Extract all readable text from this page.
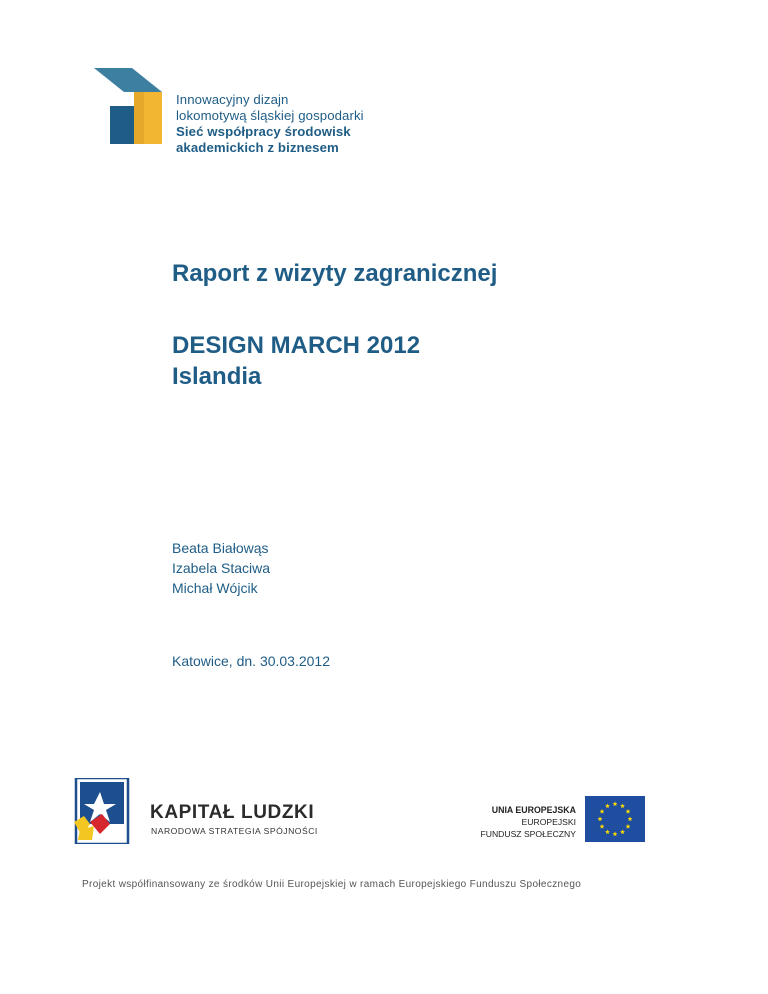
Innowacyjny dizajn
lokomotywą śląskiej gospodarki
Sieć współpracy środowisk
akademickich z biznesem
Raport z wizyty zagranicznej
DESIGN MARCH 2012
Islandia
Beata Białowąs
Izabela Staciwa
Michał Wójcik
Katowice, dn. 30.03.2012
KAPITAŁ LUDZKI
NARODOWA STRATEGIA SPÓJNOŚCI
UNIA EUROPEJSKA
EUROPEJSKI
FUNDUSZ SPOŁECZNY
Projekt współfinansowany ze środków Unii Europejskiej w ramach Europejskiego Funduszu Społecznego
